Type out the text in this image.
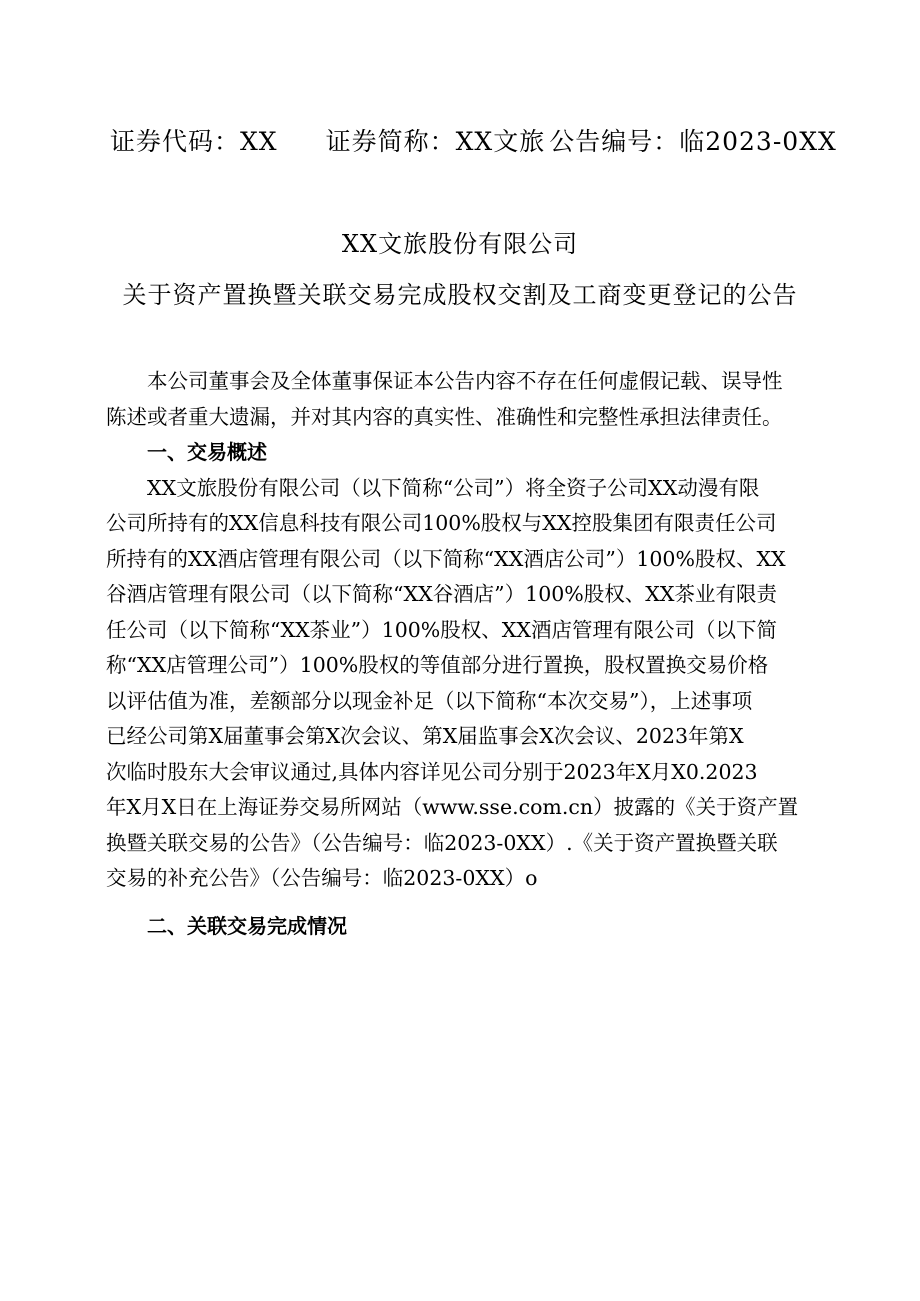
证券代码：XX 证券简称：XX文旅 公告编号：临2023-0XX
XX文旅股份有限公司
关于资产置换暨关联交易完成股权交割及工商变更登记的公告
本公司董事会及全体董事保证本公告内容不存在任何虚假记载、误导性
陈述或者重大遗漏，并对其内容的真实性、准确性和完整性承担法律责任。
一、交易概述
XX文旅股份有限公司（以下简称“公司”）将全资子公司XX动漫有限
公司所持有的XX信息科技有限公司100%股权与XX控股集团有限责任公司
所持有的XX酒店管理有限公司（以下简称“XX酒店公司”）100%股权、XX
谷酒店管理有限公司（以下简称“XX谷酒店”）100%股权、XX茶业有限责
任公司（以下简称“XX茶业”）100%股权、XX酒店管理有限公司（以下简
称“XX店管理公司”）100%股权的等值部分进行置换，股权置换交易价格
以评估值为准，差额部分以现金补足（以下简称“本次交易”），上述事项
已经公司第X届董事会第X次会议、第X届监事会X次会议、2023年第X
次临时股东大会审议通过,具体内容详见公司分别于2023年X月X0.2023
年X月X日在上海证券交易所网站（www.sse.com.cn）披露的《关于资产置
换暨关联交易的公告》（公告编号：临2023-0XX）.《关于资产置换暨关联
交易的补充公告》（公告编号：临2023-0XX）o
二、关联交易完成情况
